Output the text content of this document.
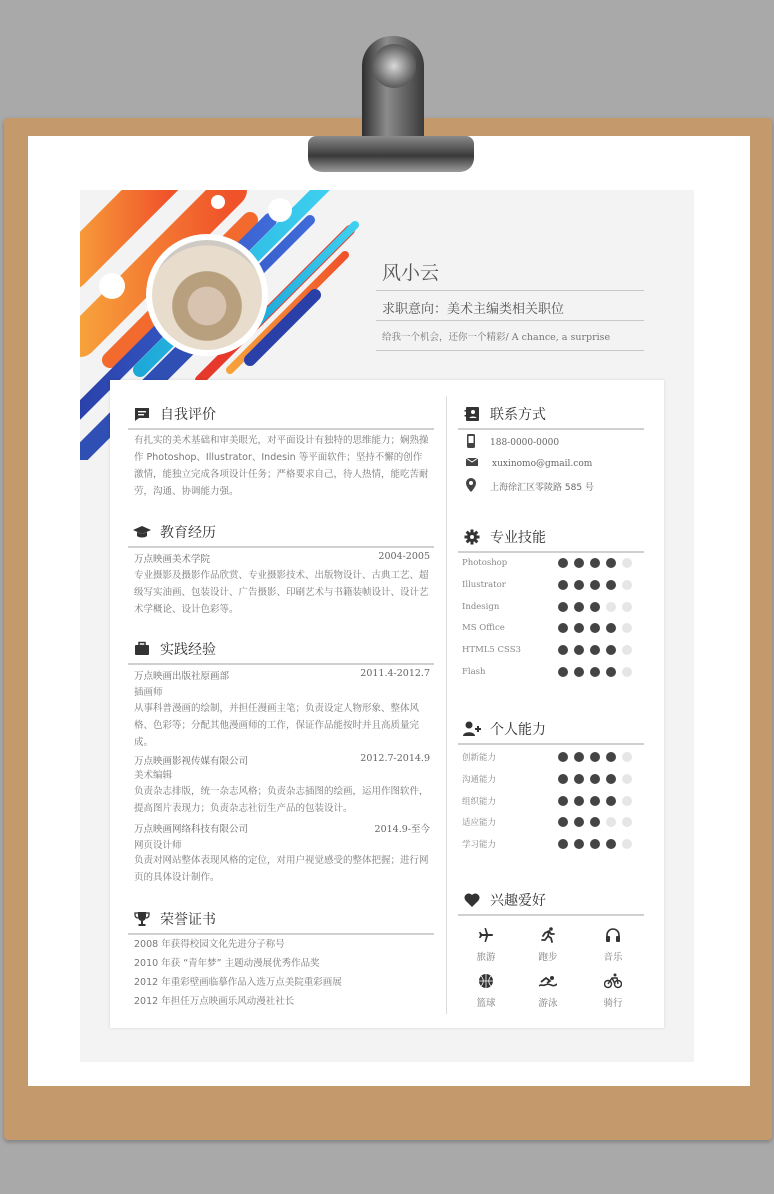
风小云
求职意向：美术主编类相关职位
给我一个机会，还你一个精彩/ A chance, a surprise
自我评价
有扎实的美术基础和审美眼光，对平面设计有独特的思维能力；娴熟操作 Photoshop、Illustrator、Indesin 等平面软件；坚持不懈的创作激情，能独立完成各项设计任务；严格要求自己，待人热情，能吃苦耐劳，沟通、协调能力强。
教育经历
万点映画美术学院	2004-2005
专业摄影及摄影作品欣赏、专业摄影技术、出版物设计、古典工艺、超级写实油画、包装设计、广告摄影、印刷艺术与书籍装帧设计、设计艺术学概论、设计色彩等。
实践经验
万点映画出版社原画部	2011.4-2012.7
插画师
从事科普漫画的绘制，并担任漫画主笔；负责设定人物形象、整体风格、色彩等；分配其他漫画师的工作，保证作品能按时并且高质量完成。
万点映画影视传媒有限公司	2012.7-2014.9
美术编辑
负责杂志排版，统一杂志风格；负责杂志插图的绘画，运用作图软件，提高图片表现力；负责杂志社衍生产品的包装设计。
万点映画网络科技有限公司	2014.9-至今
网页设计师
负责对网站整体表现风格的定位，对用户视觉感受的整体把握；进行网页的具体设计制作。
荣誉证书
2008 年获得校园文化先进分子称号
2010 年获 “青年梦” 主题动漫展优秀作品奖
2012 年重彩壁画临摹作品入选万点美院重彩画展
2012 年担任万点映画乐风动漫社社长
联系方式
188-0000-0000
xuxinomo@gmail.com
上海徐汇区零陵路 585 号
专业技能
Photoshop
Illustrator
Indesign
MS Office
HTML5 CSS3
Flash
个人能力
创新能力
沟通能力
组织能力
适应能力
学习能力
兴趣爱好
旅游	跑步	音乐
篮球	游泳	骑行
